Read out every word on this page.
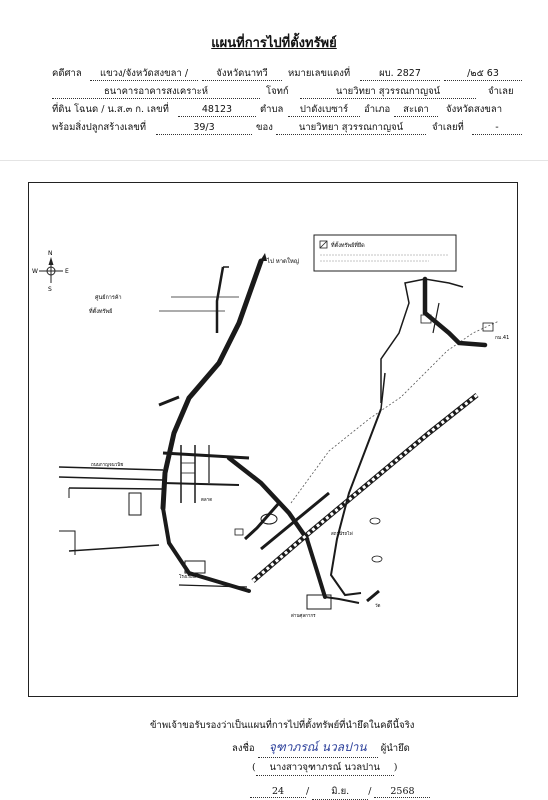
แผนที่การไปที่ตั้งทรัพย์
คดีศาล	แขวง/จังหวัดสงขลา /	จังหวัดนาทวี	หมายเลขแดงที่	ผบ. 2827	/๒๕ 63
ธนาคารอาคารสงเคราะห์	โจทก์	นายวิทยา สุวรรณกาญจน์	จำเลย
ที่ดิน โฉนด / น.ส.๓ ก. เลขที่	48123	ตำบล	ปาดังเบซาร์	อำเภอ	สะเดา	จังหวัดสงขลา
พร้อมสิ่งปลูกสร้างเลขที่	39/3	ของ	นายวิทยา สุวรรณกาญจน์	จำเลยที่	-
N
S
E
W
ที่ตั้งทรัพย์ที่ยึด
ไป หาดใหญ่
ศูนย์การค้า
ที่ตั้งทรัพย์
ถนนกาญจนวนิช
ตลาด
โรงเรียน
กม.41
ด่านศุลกากร
วัด
สถานีรถไฟ
ข้าพเจ้าขอรับรองว่าเป็นแผนที่การไปที่ตั้งทรัพย์ที่นำยึดในคดีนี้จริง
ลงชื่อ จุฑาภรณ์ นวลปาน ผู้นำยึด
( นางสาวจุฑาภรณ์ นวลปาน )
24 / มิ.ย. / 2568
